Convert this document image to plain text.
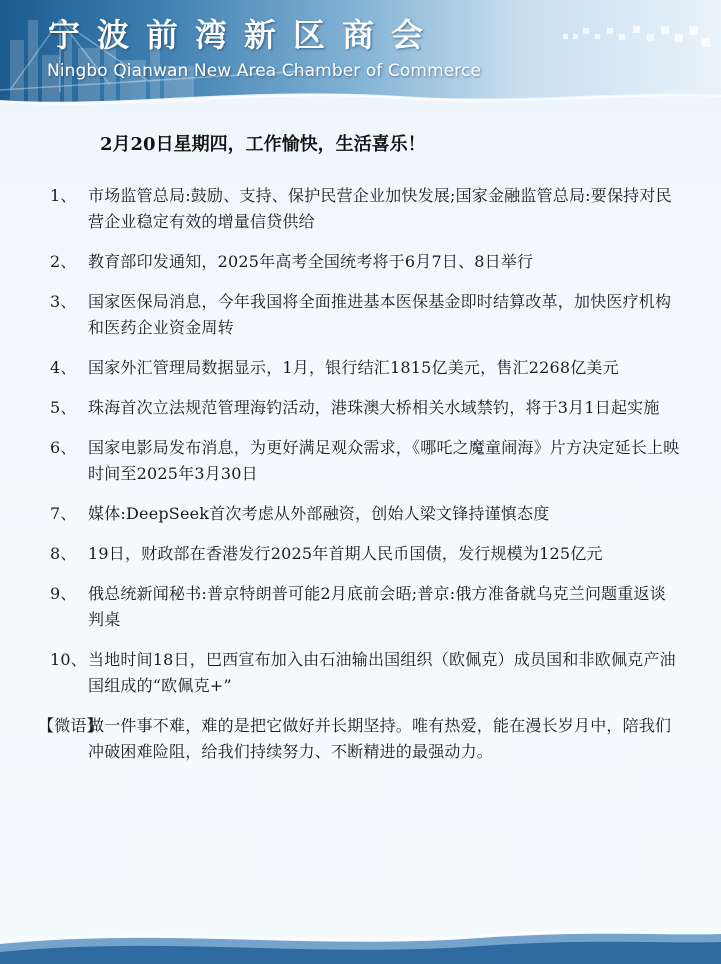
宁波前湾新区商会
Ningbo Qianwan New Area Chamber of Commerce
2月20日星期四，工作愉快，生活喜乐！
1、 市场监管总局:鼓励、支持、保护民营企业加快发展;国家金融监管总局:要保持对民营企业稳定有效的增量信贷供给
2、 教育部印发通知，2025年高考全国统考将于6月7日、8日举行
3、 国家医保局消息，今年我国将全面推进基本医保基金即时结算改革，加快医疗机构和医药企业资金周转
4、 国家外汇管理局数据显示，1月，银行结汇1815亿美元，售汇2268亿美元
5、 珠海首次立法规范管理海钓活动，港珠澳大桥相关水域禁钓，将于3月1日起实施
6、 国家电影局发布消息，为更好满足观众需求，《哪吒之魔童闹海》片方决定延长上映时间至2025年3月30日
7、 媒体:DeepSeek首次考虑从外部融资，创始人梁文锋持谨慎态度
8、 19日，财政部在香港发行2025年首期人民币国债，发行规模为125亿元
9、 俄总统新闻秘书:普京特朗普可能2月底前会晤;普京:俄方准备就乌克兰问题重返谈判桌
10、 当地时间18日，巴西宣布加入由石油输出国组织（欧佩克）成员国和非欧佩克产油国组成的“欧佩克+”
【微语】
做一件事不难，难的是把它做好并长期坚持。唯有热爱，能在漫长岁月中，陪我们冲破困难险阻，给我们持续努力、不断精进的最强动力。
